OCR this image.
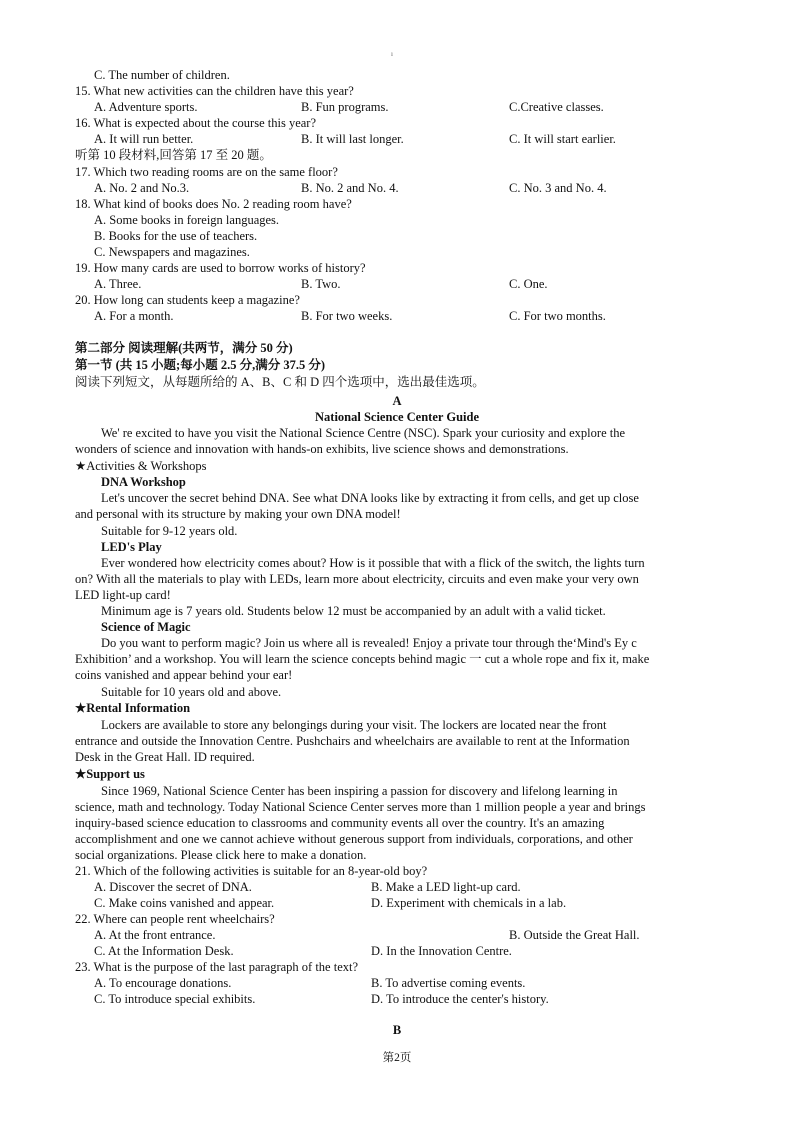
ı
C. The number of children.
15. What new activities can the children have this year?
A. Adventure sports.	B. Fun programs.	C.Creative classes.
16. What is expected about the course this year?
A. It will run better.	B. It will last longer.	C. It will start earlier.
听第 10 段材料,回答第 17 至 20 题。
17. Which two reading rooms are on the same floor?
A. No. 2 and No.3.	B. No. 2 and No. 4.	C. No. 3 and No. 4.
18. What kind of books does No. 2 reading room have?
A. Some books in foreign languages.
B. Books for the use of teachers.
C. Newspapers and magazines.
19. How many cards are used to borrow works of history?
A. Three.	B. Two.	C. One.
20. How long can students keep a magazine?
A. For a month.	B. For two weeks.	C. For two months.
第二部分 阅读理解(共两节，满分 50 分)
第一节 (共 15 小题;每小题 2.5 分,满分 37.5 分)
阅读下列短文，从每题所给的 A、B、C 和 D 四个选项中，选出最佳选项。
A
National Science Center Guide
We' re excited to have you visit the National Science Centre (NSC). Spark your curiosity and explore the
wonders of science and innovation with hands-on exhibits, live science shows and demonstrations.
★Activities & Workshops
DNA Workshop
Let's uncover the secret behind DNA. See what DNA looks like by extracting it from cells, and get up close
and personal with its structure by making your own DNA model!
Suitable for 9-12 years old.
LED's Play
Ever wondered how electricity comes about? How is it possible that with a flick of the switch, the lights turn
on? With all the materials to play with LEDs, learn more about electricity, circuits and even make your very own
LED light-up card!
Minimum age is 7 years old. Students below 12 must be accompanied by an adult with a valid ticket.
Science of Magic
Do you want to perform magic? Join us where all is revealed! Enjoy a private tour through the‘Mind's Ey c
Exhibition’ and a workshop. You will learn the science concepts behind magic 一 cut a whole rope and fix it, make
coins vanished and appear behind your ear!
Suitable for 10 years old and above.
★Rental Information
Lockers are available to store any belongings during your visit. The lockers are located near the front
entrance and outside the Innovation Centre. Pushchairs and wheelchairs are available to rent at the Information
Desk in the Great Hall. ID required.
★Support us
Since 1969, National Science Center has been inspiring a passion for discovery and lifelong learning in
science, math and technology. Today National Science Center serves more than 1 million people a year and brings
inquiry-based science education to classrooms and community events all over the country. It's an amazing
accomplishment and one we cannot achieve without generous support from individuals, corporations, and other
social organizations. Please click here to make a donation.
21. Which of the following activities is suitable for an 8-year-old boy?
A. Discover the secret of DNA.	B. Make a LED light-up card.
C. Make coins vanished and appear.	D. Experiment with chemicals in a lab.
22. Where can people rent wheelchairs?
A. At the front entrance.	B. Outside the Great Hall.
C. At the Information Desk.	D. In the Innovation Centre.
23. What is the purpose of the last paragraph of the text?
A. To encourage donations.	B. To advertise coming events.
C. To introduce special exhibits.	D. To introduce the center's history.
B
第2页
